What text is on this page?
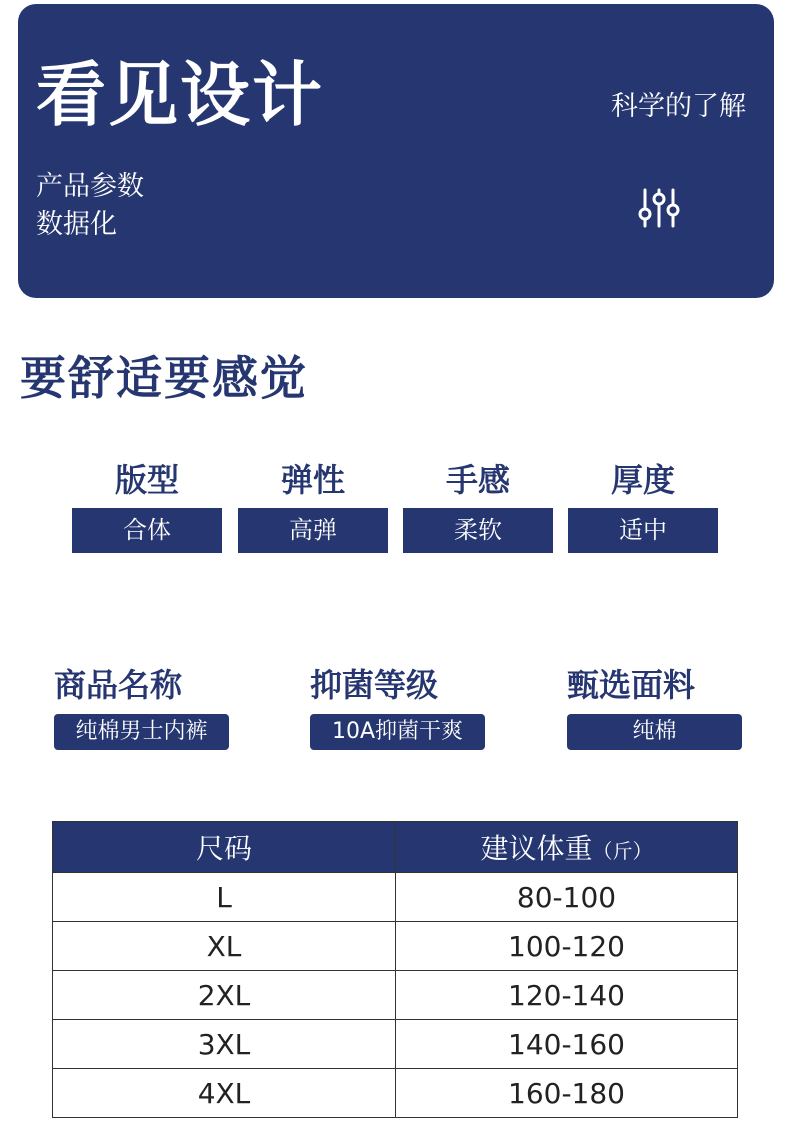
看见设计
产品参数
数据化
科学的了解
要舒适要感觉
版型
合体
弹性
高弹
手感
柔软
厚度
适中
商品名称
纯棉男士内裤
抑菌等级
10A抑菌干爽
甄选面料
纯棉
尺码	建议体重（斤）
L	80-100
XL	100-120
2XL	120-140
3XL	140-160
4XL	160-180
